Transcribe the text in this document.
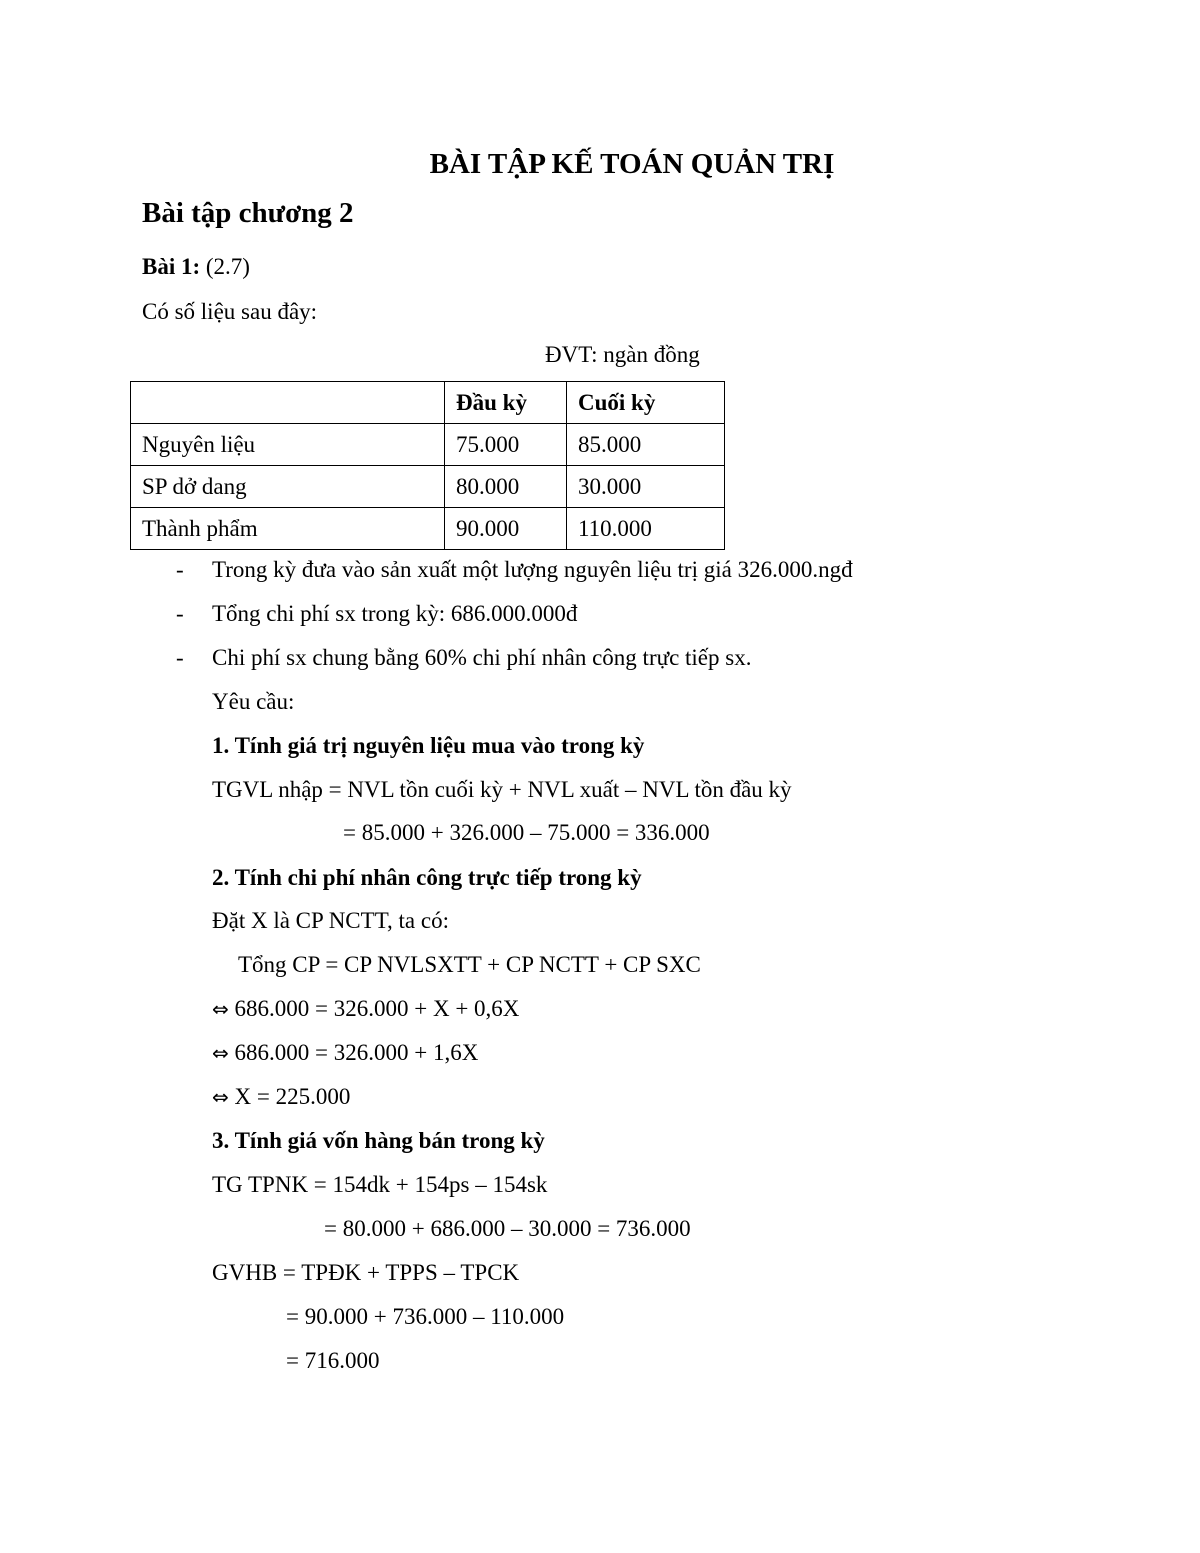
BÀI TẬP KẾ TOÁN QUẢN TRỊ
Bài tập chương 2
Bài 1: (2.7)
Có số liệu sau đây:
ĐVT: ngàn đồng
	Đầu kỳ	Cuối kỳ
Nguyên liệu	75.000	85.000
SP dở dang	80.000	30.000
Thành phẩm	90.000	110.000
- Trong kỳ đưa vào sản xuất một lượng nguyên liệu trị giá 326.000.ngđ
- Tổng chi phí sx trong kỳ: 686.000.000đ
- Chi phí sx chung bằng 60% chi phí nhân công trực tiếp sx.
Yêu cầu:
1. Tính giá trị nguyên liệu mua vào trong kỳ
TGVL nhập = NVL tồn cuối kỳ + NVL xuất – NVL tồn đầu kỳ
= 85.000 + 326.000 – 75.000 = 336.000
2. Tính chi phí nhân công trực tiếp trong kỳ
Đặt X là CP NCTT, ta có:
Tổng CP = CP NVLSXTT + CP NCTT + CP SXC
⇔ 686.000 = 326.000 + X + 0,6X
⇔ 686.000 = 326.000 + 1,6X
⇔ X = 225.000
3. Tính giá vốn hàng bán trong kỳ
TG TPNK = 154dk + 154ps – 154sk
= 80.000 + 686.000 – 30.000 = 736.000
GVHB = TPĐK + TPPS – TPCK
= 90.000 + 736.000 – 110.000
= 716.000
